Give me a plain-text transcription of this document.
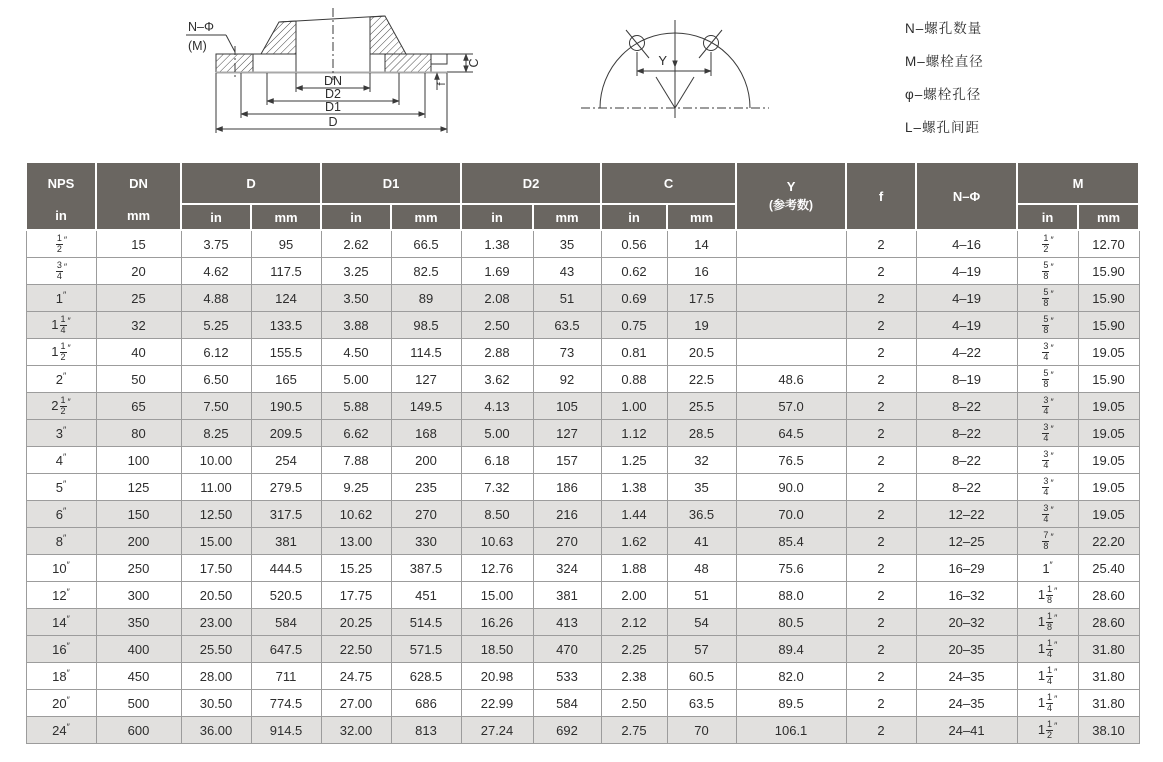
N–Φ
(M)
DN
D2
D1
D
C
f
Y
N–螺孔数量
M–螺栓直径
φ–螺栓孔径
L–螺孔间距
NPS
in

DN
mm
	D	D1	D2	C	Y
(参考数)
	f	N–Φ	M
		in	mm	in	mm	in	mm	in	mm				in	mm

$\frac{1}{2} ''$	15	3.75	95	2.62	66.5	1.38	35	0.56	14		2	4–16	$\frac{1}{2} ''$	12.70

$\frac{3}{4} ''$	20	4.62	117.5	3.25	82.5	1.69	43	0.62	16		2	4–19	$\frac{5}{8} ''$	15.90
1″	25	4.88	124	3.50	89	2.08	51	0.69	17.5		2	4–19	$\frac{5}{8} ''$	15.90
$1 \frac{1}{4} ''$	32	5.25	133.5	3.88	98.5	2.50	63.5	0.75	19		2	4–19	$\frac{5}{8} ''$	15.90
$1 \frac{1}{2} ''$	40	6.12	155.5	4.50	114.5	2.88	73	0.81	20.5		2	4–22	$\frac{3}{4} ''$	19.05
2″	50	6.50	165	5.00	127	3.62	92	0.88	22.5	48.6	2	8–19	$\frac{5}{8} ''$	15.90
$2 \frac{1}{2} ''$	65	7.50	190.5	5.88	149.5	4.13	105	1.00	25.5	57.0	2	8–22	$\frac{3}{4} ''$	19.05
3″	80	8.25	209.5	6.62	168	5.00	127	1.12	28.5	64.5	2	8–22	$\frac{3}{4} ''$	19.05
4″	100	10.00	254	7.88	200	6.18	157	1.25	32	76.5	2	8–22	$\frac{3}{4} ''$	19.05
5″	125	11.00	279.5	9.25	235	7.32	186	1.38	35	90.0	2	8–22	$\frac{3}{4} ''$	19.05
6″	150	12.50	317.5	10.62	270	8.50	216	1.44	36.5	70.0	2	12–22	$\frac{3}{4} ''$	19.05
8″	200	15.00	381	13.00	330	10.63	270	1.62	41	85.4	2	12–25	$\frac{7}{8} ''$	22.20
10″	250	17.50	444.5	15.25	387.5	12.76	324	1.88	48	75.6	2	16–29	1″	25.40
12″	300	20.50	520.5	17.75	451	15.00	381	2.00	51	88.0	2	16–32	$1 \frac{1}{8} ''$	28.60
14″	350	23.00	584	20.25	514.5	16.26	413	2.12	54	80.5	2	20–32	$1 \frac{1}{8} ''$	28.60
16″	400	25.50	647.5	22.50	571.5	18.50	470	2.25	57	89.4	2	20–35	$1 \frac{1}{4} ''$	31.80
18″	450	28.00	711	24.75	628.5	20.98	533	2.38	60.5	82.0	2	24–35	$1 \frac{1}{4} ''$	31.80
20″	500	30.50	774.5	27.00	686	22.99	584	2.50	63.5	89.5	2	24–35	$1 \frac{1}{4} ''$	31.80
24″	600	36.00	914.5	32.00	813	27.24	692	2.75	70	106.1	2	24–41	$1 \frac{1}{2} ''$	38.10
